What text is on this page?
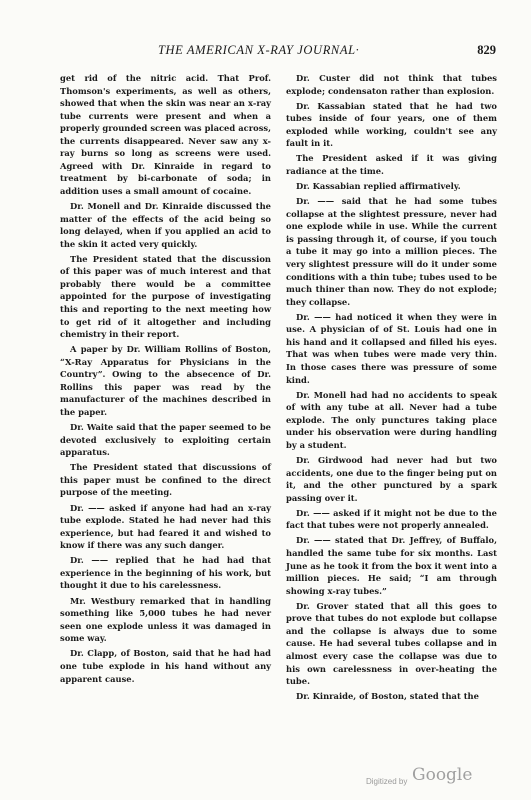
THE AMERICAN X-RAY JOURNAL·	829

get rid of the nitric acid. That Prof. Thomson's experiments, as well as others, showed that when the skin was near an x-ray tube currents were present and when a properly grounded screen was placed across, the currents disappeared. Never saw any x-ray burns so long as screens were used. Agreed with Dr. Kinraide in regard to treatment by bi-carbonate of soda; in addition uses a small amount of cocaine.

Dr. Monell and Dr. Kinraide discussed the matter of the effects of the acid being so long delayed, when if you applied an acid to the skin it acted very quickly.

The President stated that the discussion of this paper was of much interest and that probably there would be a committee appointed for the purpose of investigating this and reporting to the next meeting how to get rid of it altogether and including chemistry in their report.

A paper by Dr. William Rollins of Boston, “X-Ray Apparatus for Physicians in the Country”. Owing to the absecence of Dr. Rollins this paper was read by the manufacturer of the machines described in the paper.

Dr. Waite said that the paper seemed to be devoted exclusively to exploiting certain apparatus.

The President stated that discussions of this paper must be confined to the direct purpose of the meeting.

Dr. —— asked if anyone had had an x-ray tube explode. Stated he had never had this experience, but had feared it and wished to know if there was any such danger.

Dr. —— replied that he had had that experience in the beginning of his work, but thought it due to his carelessness.

Mr. Westbury remarked that in handling something like 5,000 tubes he had never seen one explode unless it was damaged in some way.

Dr. Clapp, of Boston, said that he had had one tube explode in his hand without any apparent cause.

Dr. Custer did not think that tubes explode; condensaton rather than explosion.

Dr. Kassabian stated that he had two tubes inside of four years, one of them exploded while working, couldn't see any fault in it.

The President asked if it was giving radiance at the time.

Dr. Kassabian replied affirmatively.

Dr. —— said that he had some tubes collapse at the slightest pressure, never had one explode while in use. While the current is passing through it, of course, if you touch a tube it may go into a million pieces. The very slightest pressure will do it under some conditions with a thin tube; tubes used to be much thiner than now. They do not explode; they collapse.

Dr. —— had noticed it when they were in use. A physician of of St. Louis had one in his hand and it collapsed and filled his eyes. That was when tubes were made very thin. In those cases there was pressure of some kind.

Dr. Monell had had no accidents to speak of with any tube at all. Never had a tube explode. The only punctures taking place under his observation were during handling by a student.

Dr. Girdwood had never had but two accidents, one due to the finger being put on it, and the other punctured by a spark passing over it.

Dr. —— asked if it might not be due to the fact that tubes were not properly annealed.

Dr. —— stated that Dr. Jeffrey, of Buffalo, handled the same tube for six months. Last June as he took it from the box it went into a million pieces. He said; “I am through showing x-ray tubes.”

Dr. Grover stated that all this goes to prove that tubes do not explode but collapse and the collapse is always due to some cause. He had several tubes collapse and in almost every case the collapse was due to his own carelessness in over-heating the tube.

Dr. Kinraide, of Boston, stated that the

Digitized by Google
